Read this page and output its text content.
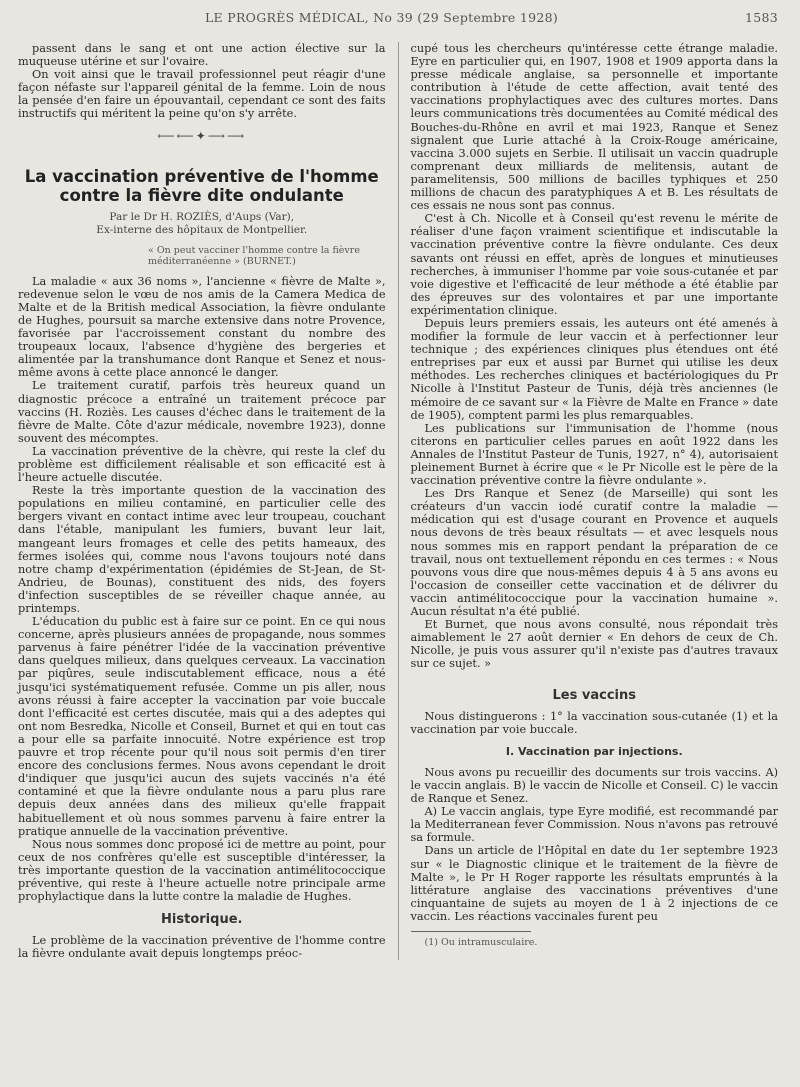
LE PROGRÈS MÉDICAL, No 39 (29 Septembre 1928)	1583

passent dans le sang et ont une action élective sur la muqueuse utérine et sur l'ovaire.

On voit ainsi que le travail professionnel peut réagir d'une façon néfaste sur l'appareil génital de la femme. Loin de nous la pensée d'en faire un épouvantail, cependant ce sont des faits instructifs qui méritent la peine qu'on s'y arrête.

⟵⟵✦⟶⟶
La vaccination préventive de l'homme
contre la fièvre dite ondulante
Par le Dr H. ROZIÈS, d'Aups (Var),
Ex-interne des hôpitaux de Montpellier.
« On peut vacciner l'homme contre la fièvre méditerranéenne » (BURNET.)

La maladie « aux 36 noms », l'ancienne « fièvre de Malte », redevenue selon le vœu de nos amis de la Camera Medica de Malte et de la British medical Association, la fièvre ondulante de Hughes, poursuit sa marche extensive dans notre Provence, favorisée par l'accroissement constant du nombre des troupeaux locaux, l'absence d'hygiène des bergeries et alimentée par la transhumance dont Ranque et Senez et nous-même avons à cette place annoncé le danger.

Le traitement curatif, parfois très heureux quand un diagnostic précoce a entraîné un traitement précoce par vaccins (H. Roziès. Les causes d'échec dans le traitement de la fièvre de Malte. Côte d'azur médicale, novembre 1923), donne souvent des mécomptes.

La vaccination préventive de la chèvre, qui reste la clef du problème est difficilement réalisable et son efficacité est à l'heure actuelle discutée.

Reste la très importante question de la vaccination des populations en milieu contaminé, en particulier celle des bergers vivant en contact intime avec leur troupeau, couchant dans l'étable, manipulant les fumiers, buvant leur lait, mangeant leurs fromages et celle des petits hameaux, des fermes isolées qui, comme nous l'avons toujours noté dans notre champ d'expérimentation (épidémies de St-Jean, de St-Andrieu, de Bounas), constituent des nids, des foyers d'infection susceptibles de se réveiller chaque année, au printemps.

L'éducation du public est à faire sur ce point. En ce qui nous concerne, après plusieurs années de propagande, nous sommes parvenus à faire pénétrer l'idée de la vaccination préventive dans quelques milieux, dans quelques cerveaux. La vaccination par piqûres, seule indiscutablement efficace, nous a été jusqu'ici systématiquement refusée. Comme un pis aller, nous avons réussi à faire accepter la vaccination par voie buccale dont l'efficacité est certes discutée, mais qui a des adeptes qui ont nom Besredka, Nicolle et Conseil, Burnet et qui en tout cas a pour elle sa parfaite innocuité. Notre expérience est trop pauvre et trop récente pour qu'il nous soit permis d'en tirer encore des conclusions fermes. Nous avons cependant le droit d'indiquer que jusqu'ici aucun des sujets vaccinés n'a été contaminé et que la fièvre ondulante nous a paru plus rare depuis deux années dans des milieux qu'elle frappait habituellement et où nous sommes parvenu à faire entrer la pratique annuelle de la vaccination préventive.

Nous nous sommes donc proposé ici de mettre au point, pour ceux de nos confrères qu'elle est susceptible d'intéresser, la très importante question de la vaccination antimélitococcique préventive, qui reste à l'heure actuelle notre principale arme prophylactique dans la lutte contre la maladie de Hughes.

Historique.

Le problème de la vaccination préventive de l'homme contre la fièvre ondulante avait depuis longtemps préoc-

cupé tous les chercheurs qu'intéresse cette étrange maladie. Eyre en particulier qui, en 1907, 1908 et 1909 apporta dans la presse médicale anglaise, sa personnelle et importante contribution à l'étude de cette affection, avait tenté des vaccinations prophylactiques avec des cultures mortes. Dans leurs communications très documentées au Comité médical des Bouches-du-Rhône en avril et mai 1923, Ranque et Senez signalent que Lurie attaché à la Croix-Rouge américaine, vaccina 3.000 sujets en Serbie. Il utilisait un vaccin quadruple comprenant deux milliards de melitensis, autant de paramelitensis, 500 millions de bacilles typhiques et 250 millions de chacun des paratyphiques A et B. Les résultats de ces essais ne nous sont pas connus.

C'est à Ch. Nicolle et à Conseil qu'est revenu le mérite de réaliser d'une façon vraiment scientifique et indiscutable la vaccination préventive contre la fièvre ondulante. Ces deux savants ont réussi en effet, après de longues et minutieuses recherches, à immuniser l'homme par voie sous-cutanée et par voie digestive et l'efficacité de leur méthode a été établie par des épreuves sur des volontaires et par une importante expérimentation clinique.

Depuis leurs premiers essais, les auteurs ont été amenés à modifier la formule de leur vaccin et à perfectionner leur technique ; des expériences cliniques plus étendues ont été entreprises par eux et aussi par Burnet qui utilise les deux méthodes. Les recherches cliniques et bactériologiques du Pr Nicolle à l'Institut Pasteur de Tunis, déjà très anciennes (le mémoire de ce savant sur « la Fièvre de Malte en France » date de 1905), comptent parmi les plus remarquables.

Les publications sur l'immunisation de l'homme (nous citerons en particulier celles parues en août 1922 dans les Annales de l'Institut Pasteur de Tunis, 1927, n° 4), autorisaient pleinement Burnet à écrire que « le Pr Nicolle est le père de la vaccination préventive contre la fièvre ondulante ».

Les Drs Ranque et Senez (de Marseille) qui sont les créateurs d'un vaccin iodé curatif contre la maladie — médication qui est d'usage courant en Provence et auquels nous devons de très beaux résultats — et avec lesquels nous nous sommes mis en rapport pendant la préparation de ce travail, nous ont textuellement répondu en ces termes : « Nous pouvons vous dire que nous-mêmes depuis 4 à 5 ans avons eu l'occasion de conseiller cette vaccination et de délivrer du vaccin antimélitococcique pour la vaccination humaine ». Aucun résultat n'a été publié.

Et Burnet, que nous avons consulté, nous répondait très aimablement le 27 août dernier « En dehors de ceux de Ch. Nicolle, je puis vous assurer qu'il n'existe pas d'autres travaux sur ce sujet. »

Les vaccins

Nous distinguerons : 1° la vaccination sous-cutanée (1) et la vaccination par voie buccale.

I. Vaccination par injections.

Nous avons pu recueillir des documents sur trois vaccins. A) le vaccin anglais. B) le vaccin de Nicolle et Conseil. C) le vaccin de Ranque et Senez.

A) Le vaccin anglais, type Eyre modifié, est recommandé par la Mediterranean fever Commission. Nous n'avons pas retrouvé sa formule.

Dans un article de l'Hôpital en date du 1er septembre 1923 sur « le Diagnostic clinique et le traitement de la fièvre de Malte », le Pr H Roger rapporte les résultats empruntés à la littérature anglaise des vaccinations préventives d'une cinquantaine de sujets au moyen de 1 à 2 injections de ce vaccin. Les réactions vaccinales furent peu

(1) Ou intramusculaire.
